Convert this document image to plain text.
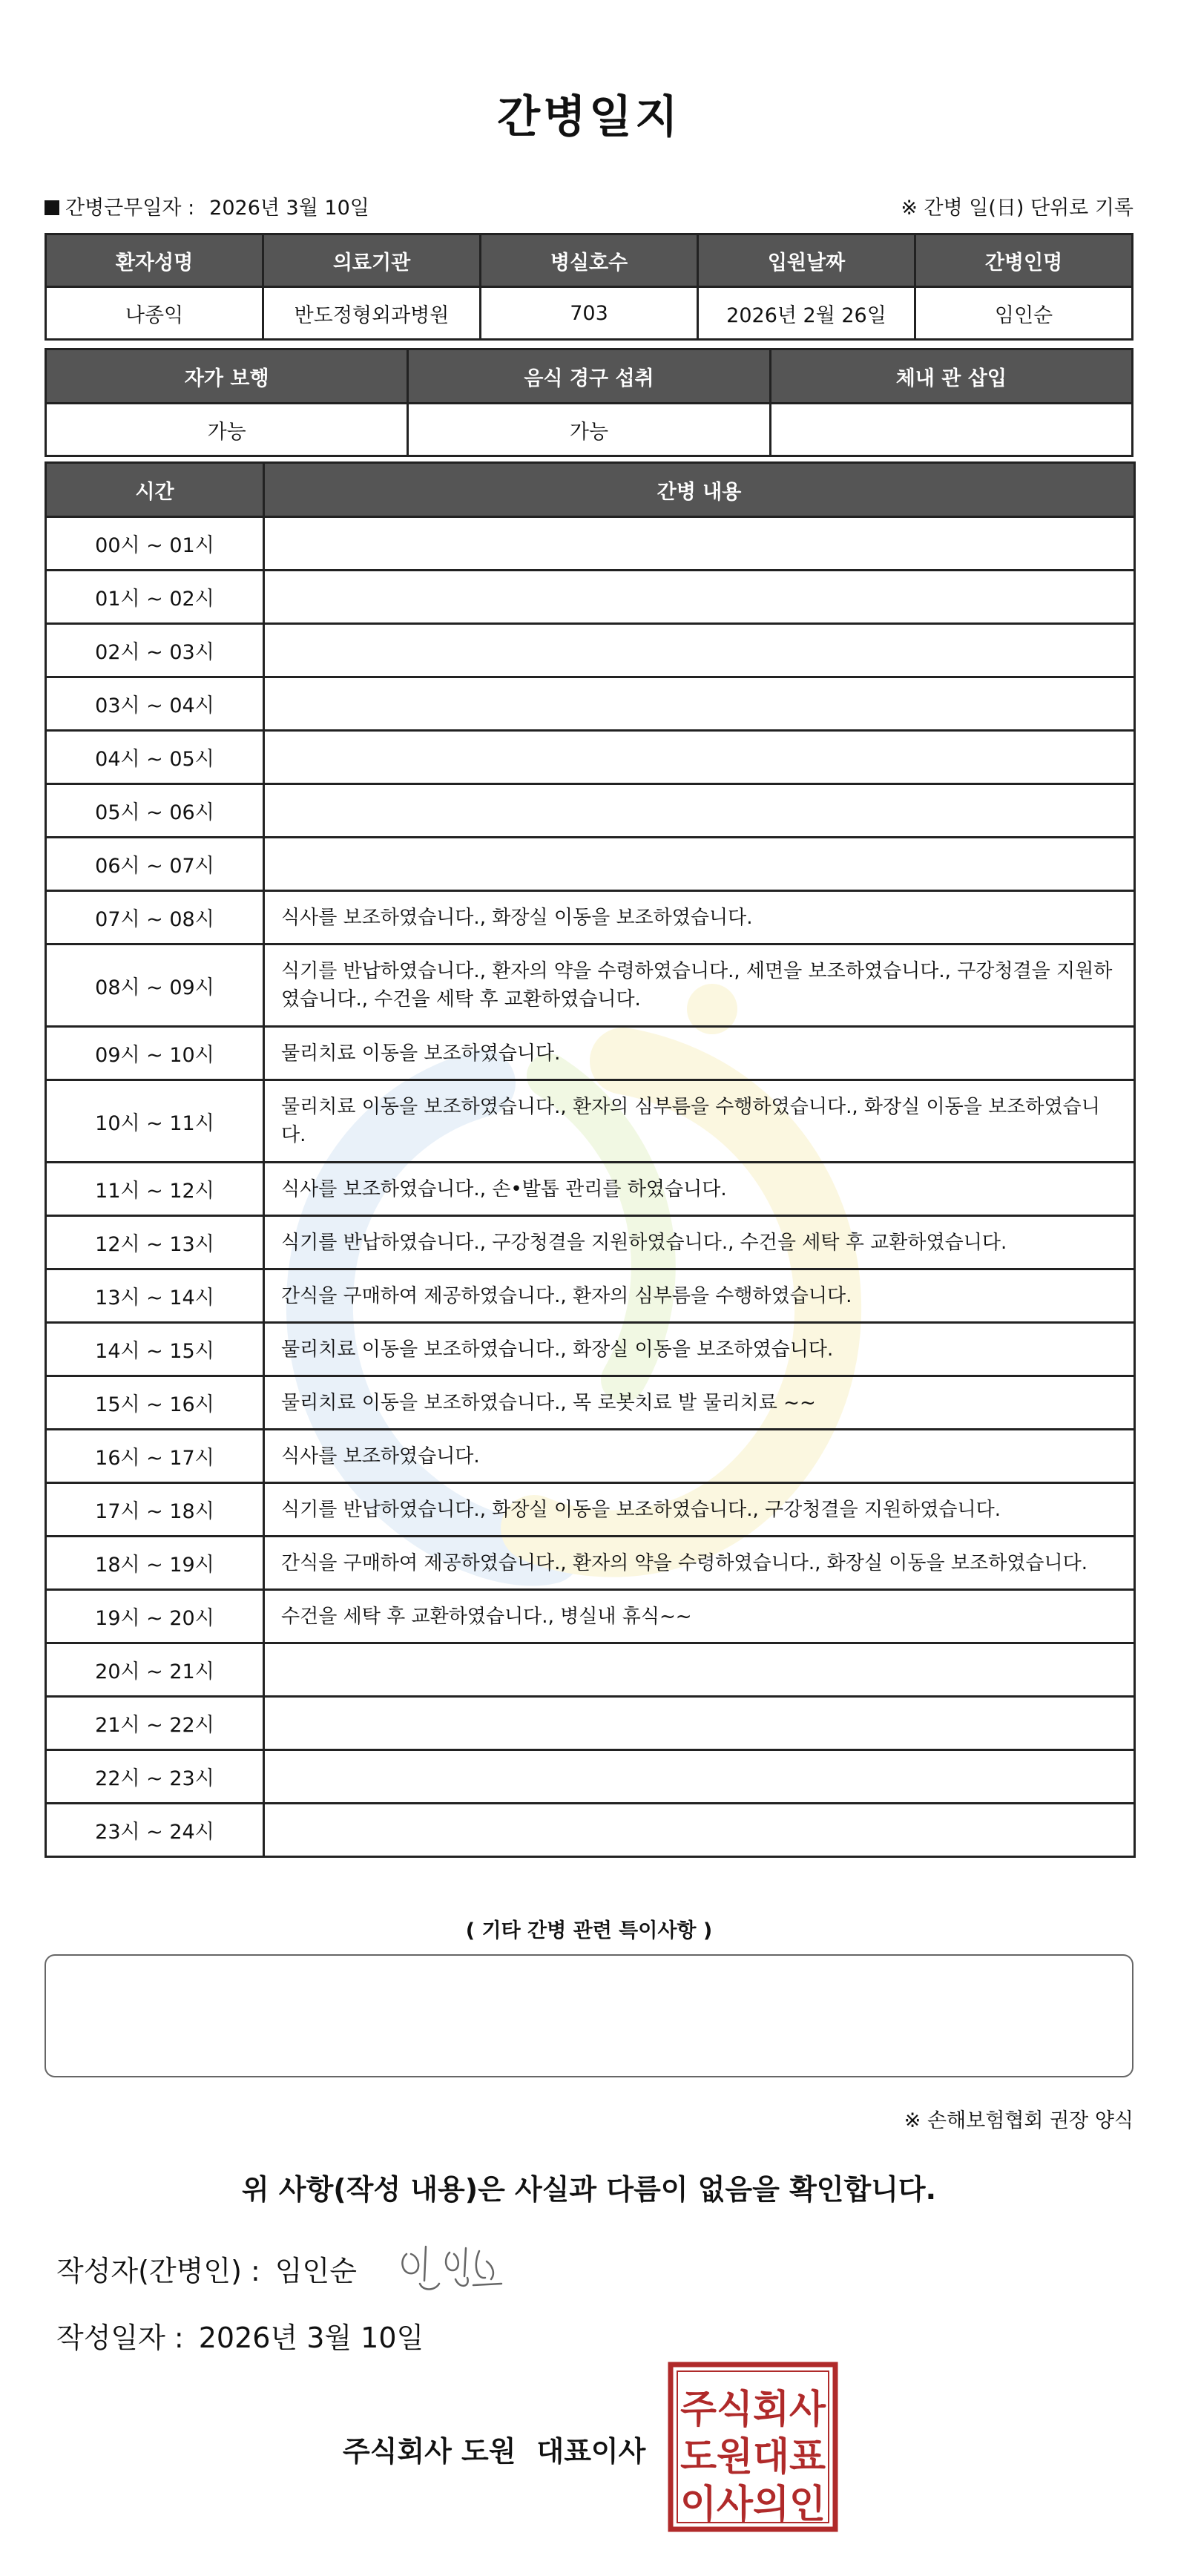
간병일지
간병근무일자 : 2026년 3월 10일	※ 간병 일(日) 단위로 기록
환자성명	의료기관	병실호수	입원날짜	간병인명
나종익	반도정형외과병원	703	2026년 2월 26일	임인순
자가 보행	음식 경구 섭취	체내 관 삽입
가능	가능	
시간	간병 내용
00시 ~ 01시	
01시 ~ 02시	
02시 ~ 03시	
03시 ~ 04시	
04시 ~ 05시	
05시 ~ 06시	
06시 ~ 07시	
07시 ~ 08시	식사를 보조하였습니다., 화장실 이동을 보조하였습니다.
08시 ~ 09시	식기를 반납하였습니다., 환자의 약을 수령하였습니다., 세면을 보조하였습니다., 구강청결을 지원하였습니다., 수건을 세탁 후 교환하였습니다.
09시 ~ 10시	물리치료 이동을 보조하였습니다.
10시 ~ 11시	물리치료 이동을 보조하였습니다., 환자의 심부름을 수행하였습니다., 화장실 이동을 보조하였습니다.
11시 ~ 12시	식사를 보조하였습니다., 손•발톱 관리를 하였습니다.
12시 ~ 13시	식기를 반납하였습니다., 구강청결을 지원하였습니다., 수건을 세탁 후 교환하였습니다.
13시 ~ 14시	간식을 구매하여 제공하였습니다., 환자의 심부름을 수행하였습니다.
14시 ~ 15시	물리치료 이동을 보조하였습니다., 화장실 이동을 보조하였습니다.
15시 ~ 16시	물리치료 이동을 보조하였습니다., 목 로봇치료 발 물리치료 ~~
16시 ~ 17시	식사를 보조하였습니다.
17시 ~ 18시	식기를 반납하였습니다., 화장실 이동을 보조하였습니다., 구강청결을 지원하였습니다.
18시 ~ 19시	간식을 구매하여 제공하였습니다., 환자의 약을 수령하였습니다., 화장실 이동을 보조하였습니다.
19시 ~ 20시	수건을 세탁 후 교환하였습니다., 병실내 휴식~~
20시 ~ 21시	
21시 ~ 22시	
22시 ~ 23시	
23시 ~ 24시	
( 기타 간병 관련 특이사항 )
※ 손해보험협회 권장 양식
위 사항(작성 내용)은 사실과 다름이 없음을 확인합니다.
작성자(간병인) : 임인순
작성일자 : 2026년 3월 10일
주식회사 도원 대표이사
주식회사
도원대표
이사의인
